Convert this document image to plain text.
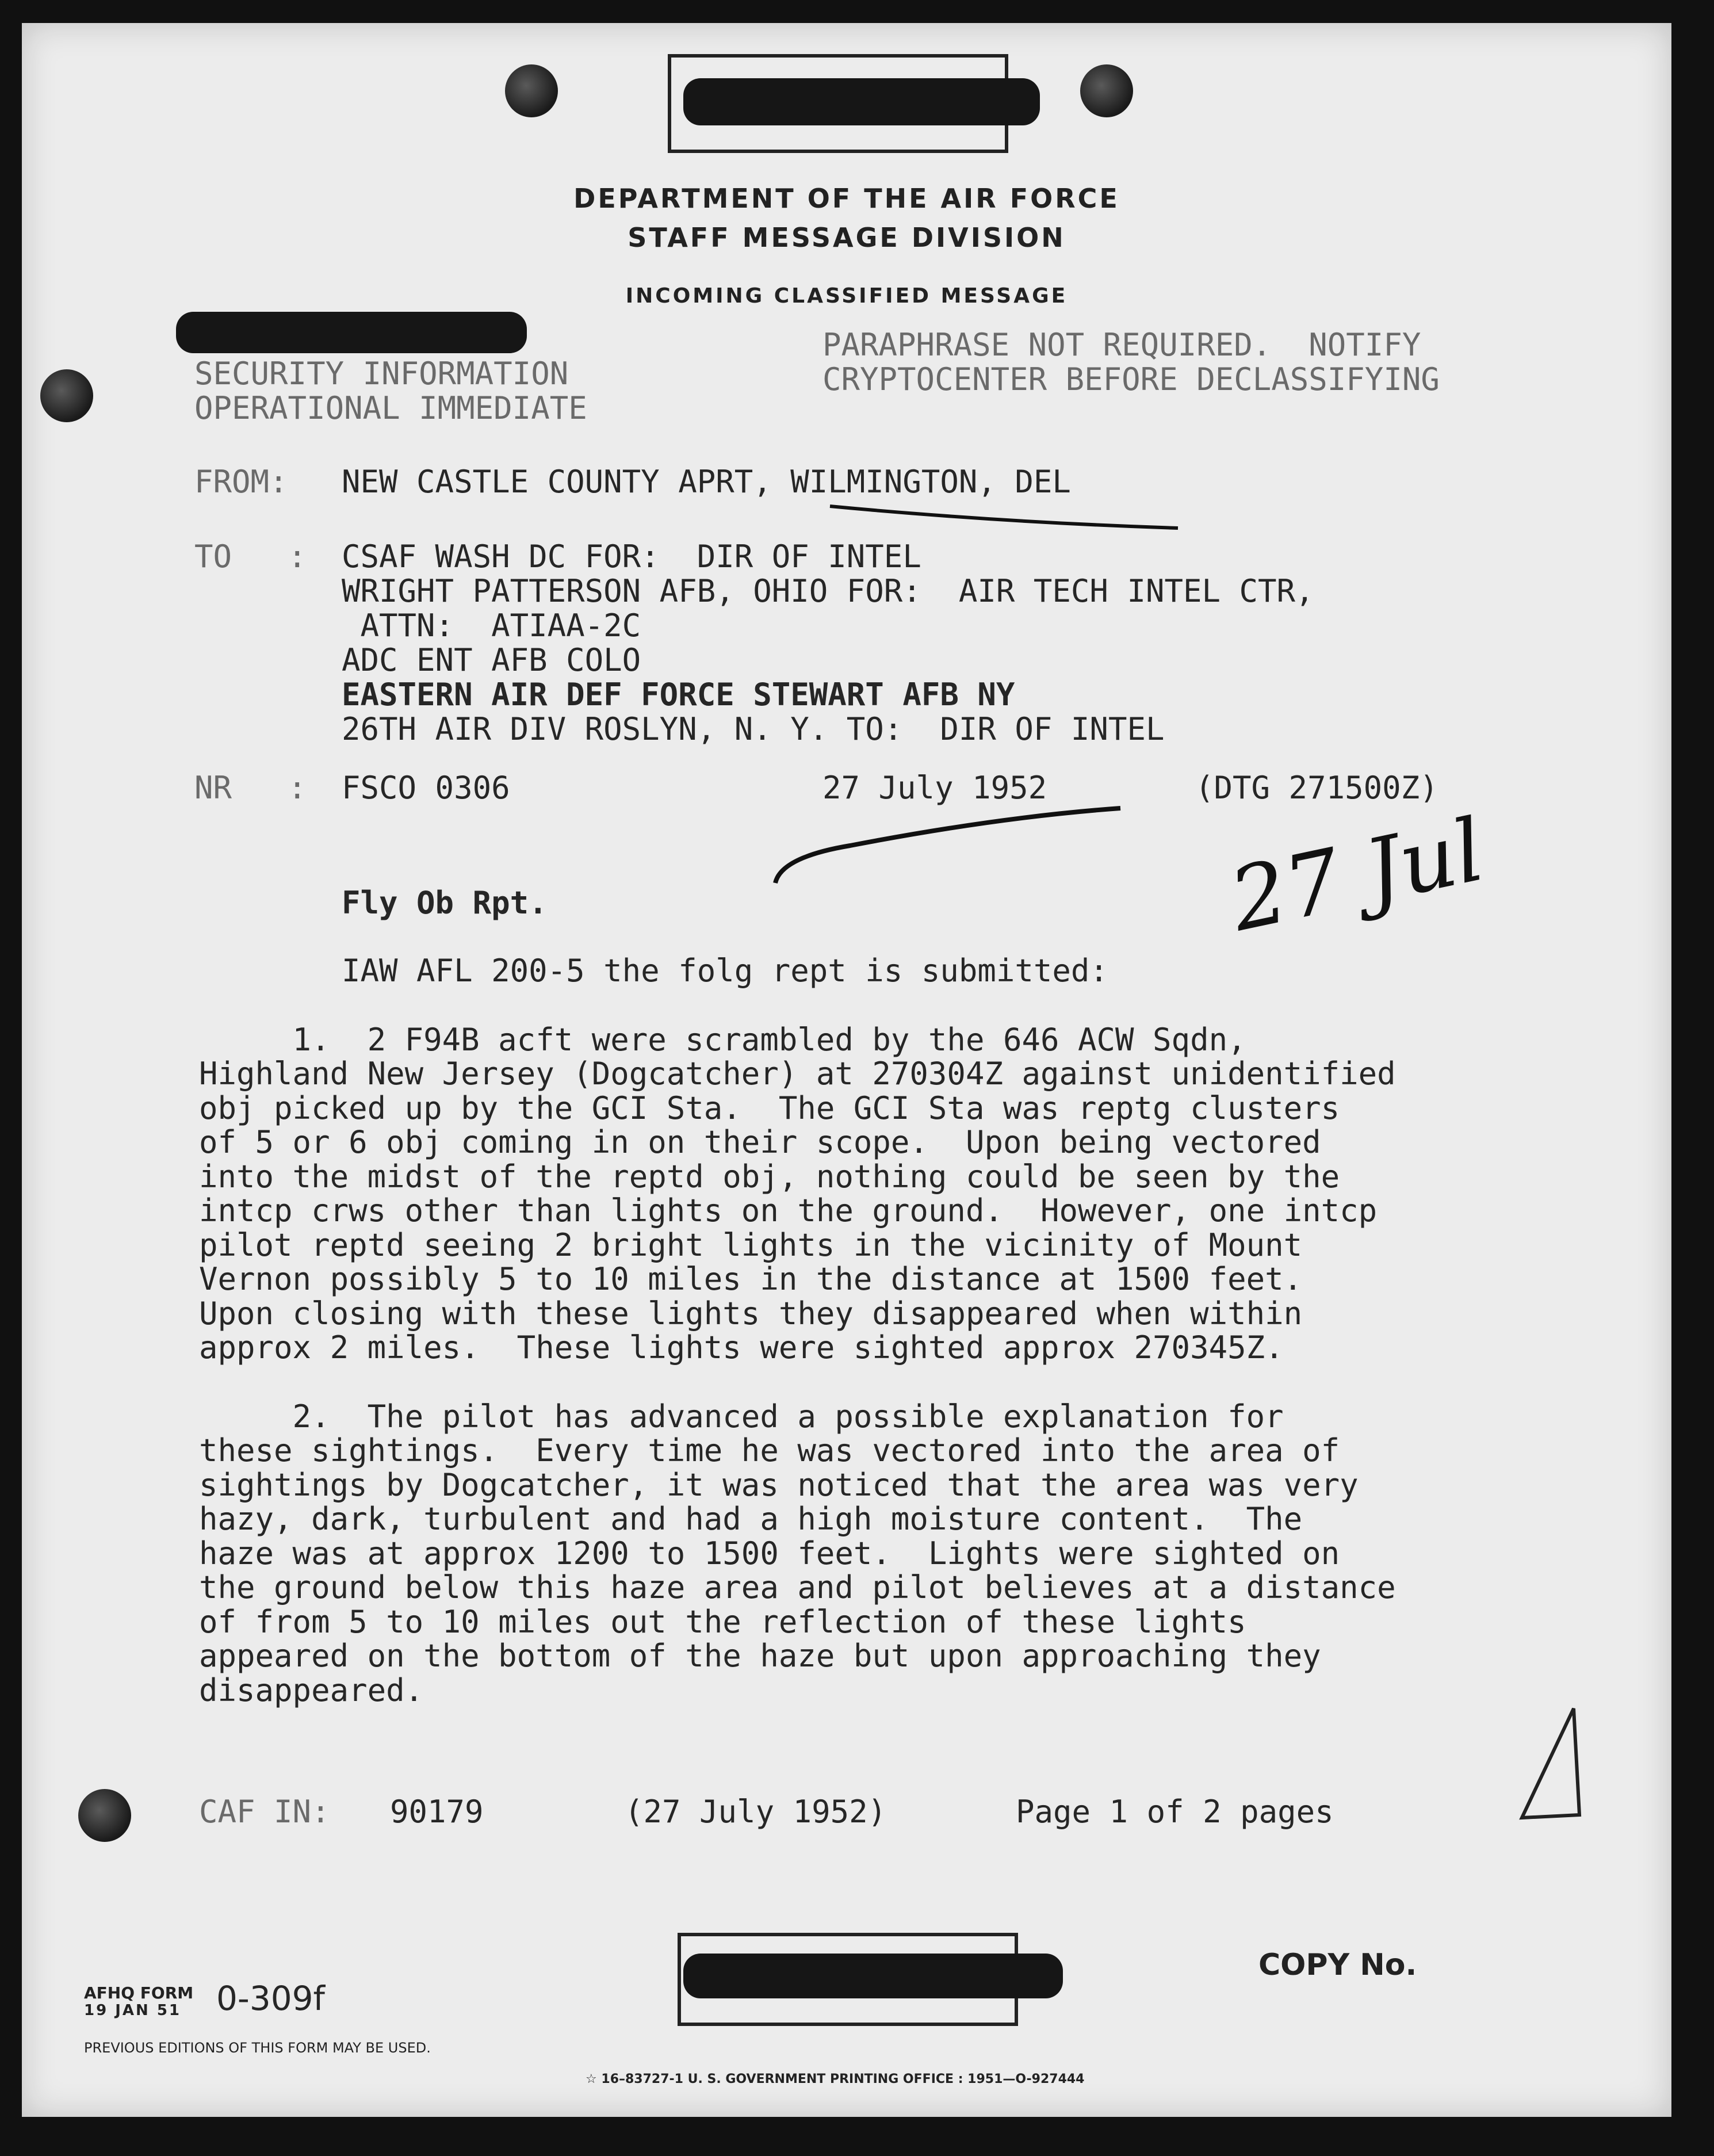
DEPARTMENT OF THE AIR FORCE
STAFF MESSAGE DIVISION
INCOMING CLASSIFIED MESSAGE
SECURITY INFORMATION
OPERATIONAL IMMEDIATE
PARAPHRASE NOT REQUIRED.  NOTIFY
CRYPTOCENTER BEFORE DECLASSIFYING
FROM: NEW CASTLE COUNTY APRT, WILMINGTON, DEL
TO   : CSAF WASH DC FOR:  DIR OF INTEL
WRIGHT PATTERSON AFB, OHIO FOR:  AIR TECH INTEL CTR,
ATTN:  ATIAA-2C
ADC ENT AFB COLO
EASTERN AIR DEF FORCE STEWART AFB NY
26TH AIR DIV ROSLYN, N. Y. TO:  DIR OF INTEL
NR   : FSCO 0306	27 July 1952	(DTG 271500Z)
27 Jul
Fly Ob Rpt.
IAW AFL 200-5 the folg rept is submitted:
1.  2 F94B acft were scrambled by the 646 ACW Sqdn,
Highland New Jersey (Dogcatcher) at 270304Z against unidentified
obj picked up by the GCI Sta.  The GCI Sta was reptg clusters
of 5 or 6 obj coming in on their scope.  Upon being vectored
into the midst of the reptd obj, nothing could be seen by the
intcp crws other than lights on the ground.  However, one intcp
pilot reptd seeing 2 bright lights in the vicinity of Mount
Vernon possibly 5 to 10 miles in the distance at 1500 feet.
Upon closing with these lights they disappeared when within
approx 2 miles.  These lights were sighted approx 270345Z.
2.  The pilot has advanced a possible explanation for
these sightings.  Every time he was vectored into the area of
sightings by Dogcatcher, it was noticed that the area was very
hazy, dark, turbulent and had a high moisture content.  The
haze was at approx 1200 to 1500 feet.  Lights were sighted on
the ground below this haze area and pilot believes at a distance
of from 5 to 10 miles out the reflection of these lights
appeared on the bottom of the haze but upon approaching they
disappeared.
CAF IN: 90179	(27 July 1952)	Page 1 of 2 pages
COPY No.
AFHQ FORM
19 JAN 51 0-309f
PREVIOUS EDITIONS OF THIS FORM MAY BE USED.
☆ 16–83727-1 U. S. GOVERNMENT PRINTING OFFICE : 1951—O-927444
